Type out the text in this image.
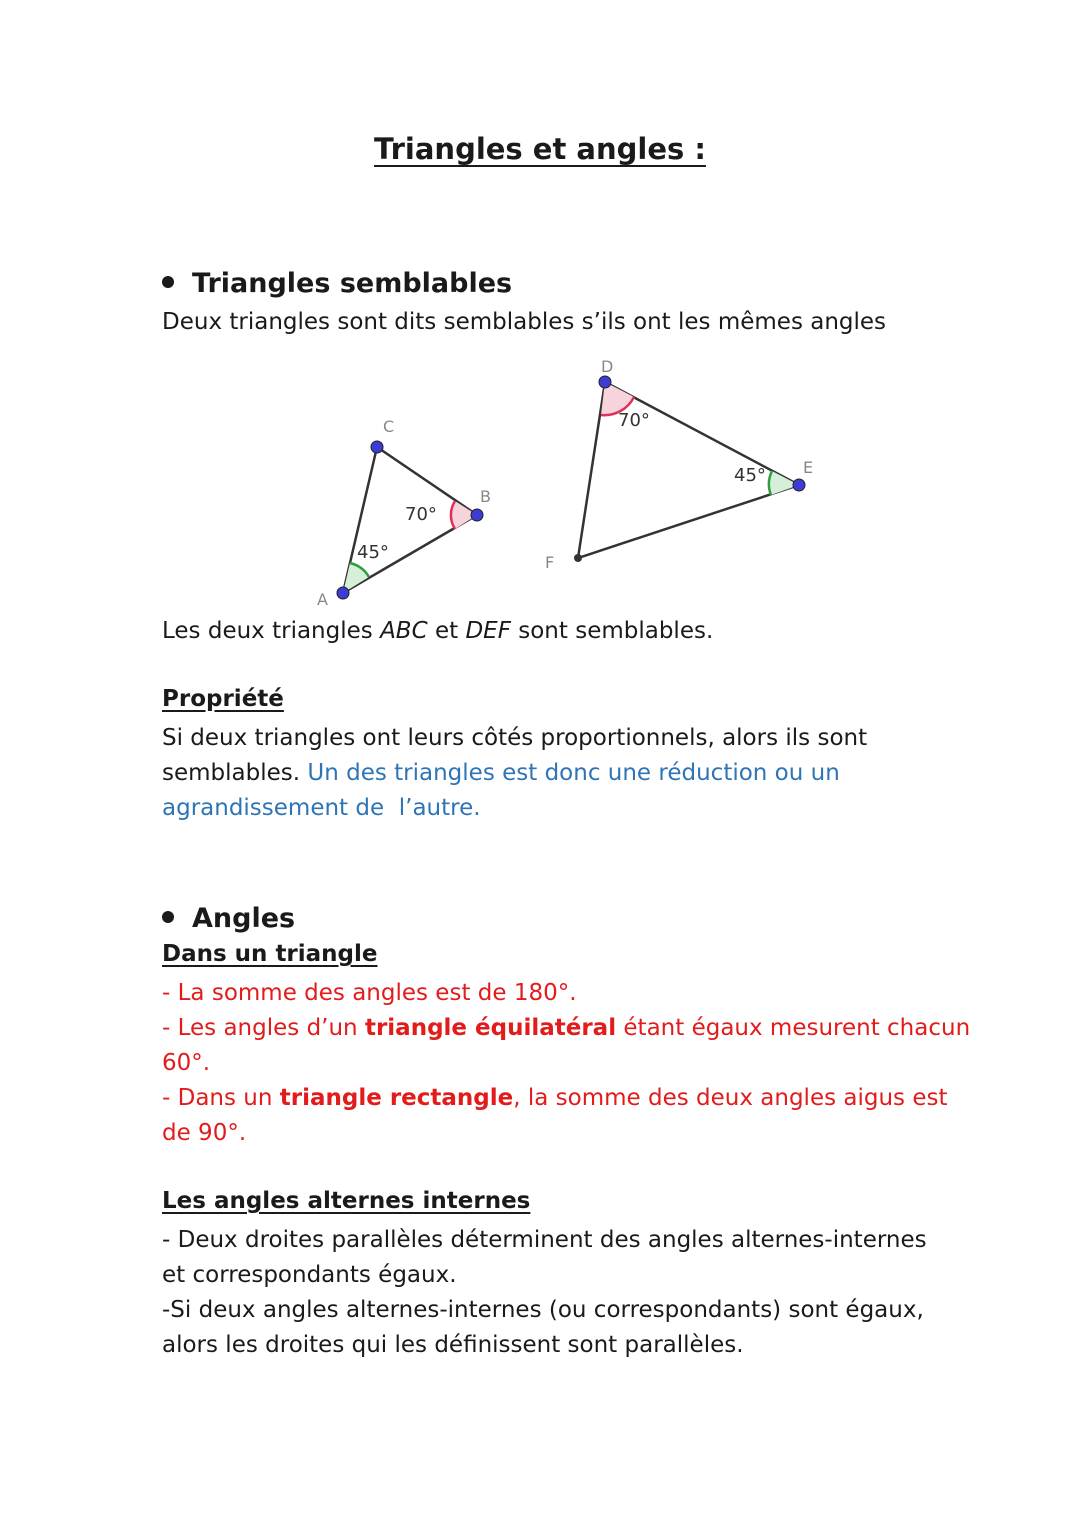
Triangles et angles :
Triangles semblables
Deux triangles sont dits semblables s’ils ont les mêmes angles
A
C
B
45°
70°
D
E
F
70°
45°
Les deux triangles ABC et DEF sont semblables.
Propriété
Si deux triangles ont leurs côtés proportionnels, alors ils sont
semblables. Un des triangles est donc une réduction ou un
agrandissement de  l’autre.
Angles
Dans un triangle
- La somme des angles est de 180°.
- Les angles d’un triangle équilatéral étant égaux mesurent chacun
60°.
- Dans un triangle rectangle, la somme des deux angles aigus est
de 90°.
Les angles alternes internes
- Deux droites parallèles déterminent des angles alternes-internes
et correspondants égaux.
-Si deux angles alternes-internes (ou correspondants) sont égaux,
alors les droites qui les définissent sont parallèles.
